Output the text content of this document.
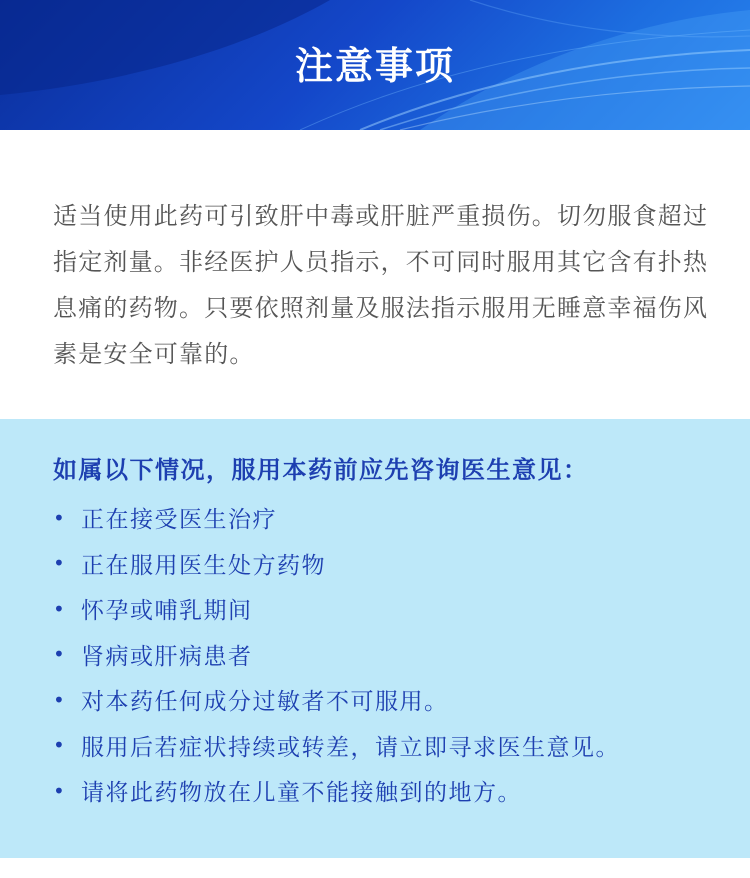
注意事项
适当使用此药可引致肝中毒或肝脏严重损伤。切勿服食超过指定剂量。非经医护人员指示，不可同时服用其它含有扑热息痛的药物。只要依照剂量及服法指示服用无睡意幸福伤风素是安全可靠的。
如属以下情况，服用本药前应先咨询医生意见：
• 正在接受医生治疗
• 正在服用医生处方药物
• 怀孕或哺乳期间
• 肾病或肝病患者
• 对本药任何成分过敏者不可服用。
• 服用后若症状持续或转差，请立即寻求医生意见。
• 请将此药物放在儿童不能接触到的地方。
